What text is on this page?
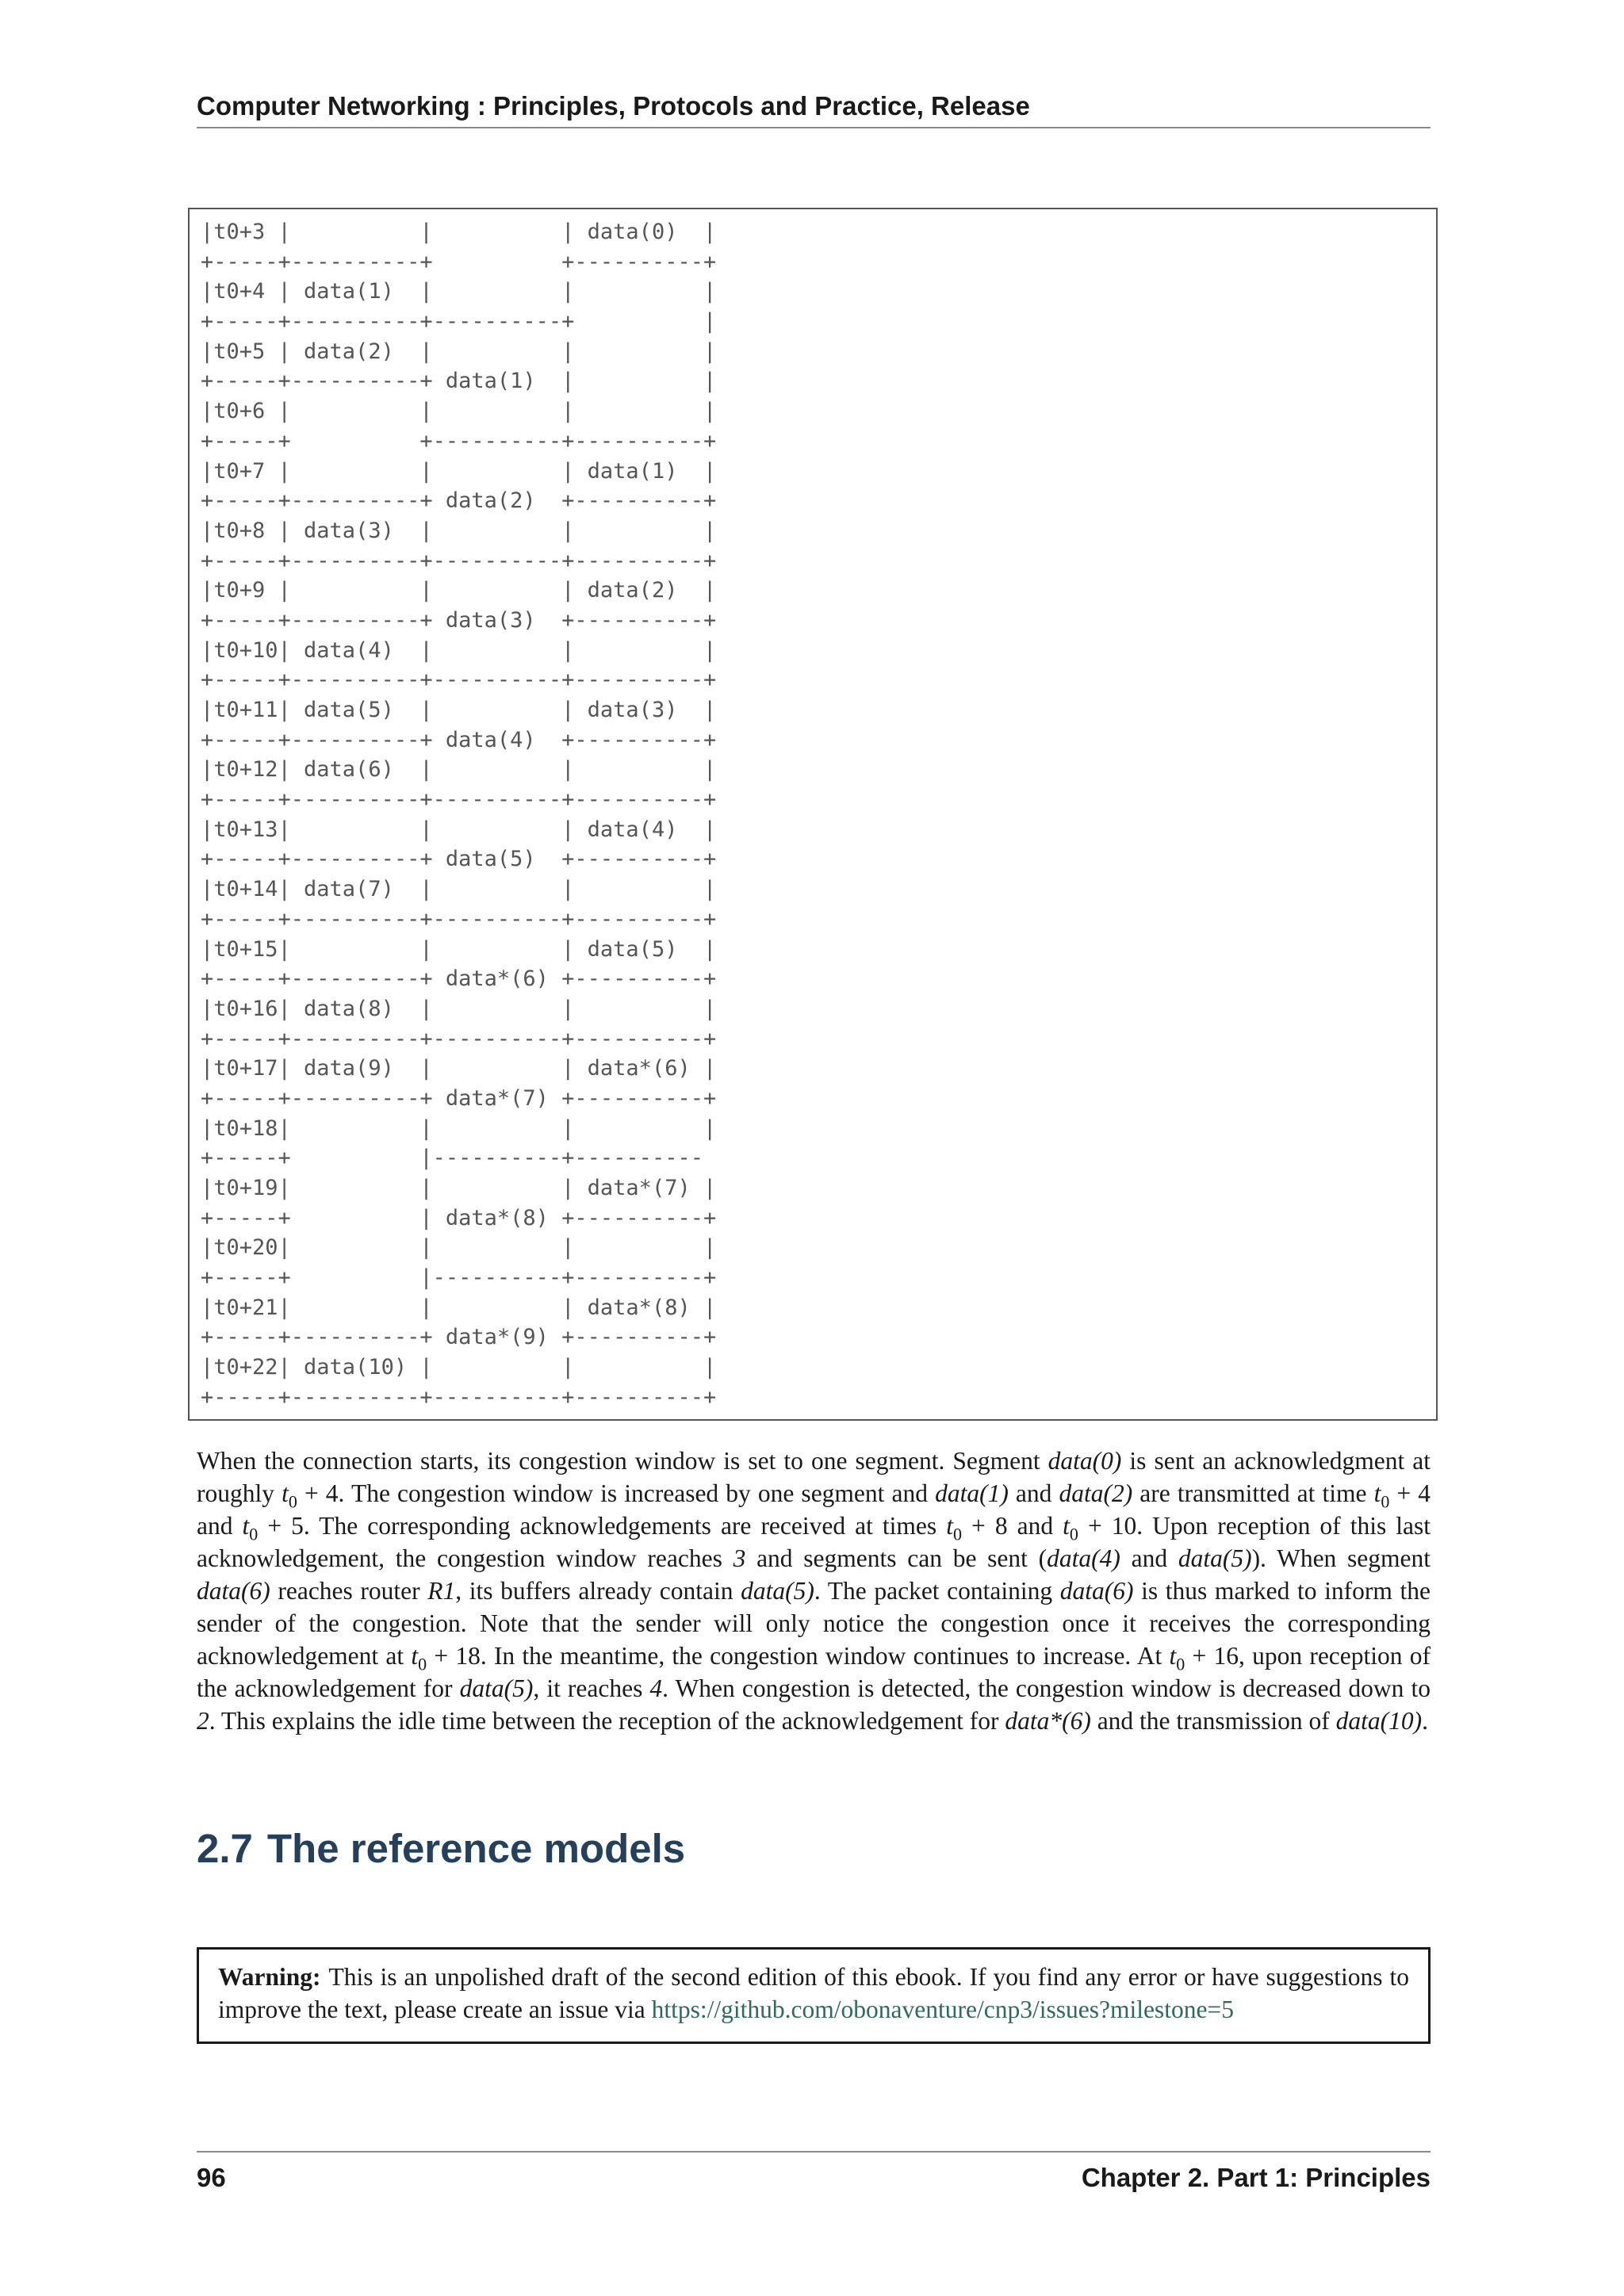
Computer Networking : Principles, Protocols and Practice, Release
|t0+3 |          |          | data(0)  |
+-----+----------+          +----------+
|t0+4 | data(1)  |          |          |
+-----+----------+----------+          |
|t0+5 | data(2)  |          |          |
+-----+----------+ data(1)  |          |
|t0+6 |          |          |          |
+-----+          +----------+----------+
|t0+7 |          |          | data(1)  |
+-----+----------+ data(2)  +----------+
|t0+8 | data(3)  |          |          |
+-----+----------+----------+----------+
|t0+9 |          |          | data(2)  |
+-----+----------+ data(3)  +----------+
|t0+10| data(4)  |          |          |
+-----+----------+----------+----------+
|t0+11| data(5)  |          | data(3)  |
+-----+----------+ data(4)  +----------+
|t0+12| data(6)  |          |          |
+-----+----------+----------+----------+
|t0+13|          |          | data(4)  |
+-----+----------+ data(5)  +----------+
|t0+14| data(7)  |          |          |
+-----+----------+----------+----------+
|t0+15|          |          | data(5)  |
+-----+----------+ data*(6) +----------+
|t0+16| data(8)  |          |          |
+-----+----------+----------+----------+
|t0+17| data(9)  |          | data*(6) |
+-----+----------+ data*(7) +----------+
|t0+18|          |          |          |
+-----+          |----------+----------
|t0+19|          |          | data*(7) |
+-----+          | data*(8) +----------+
|t0+20|          |          |          |
+-----+          |----------+----------+
|t0+21|          |          | data*(8) |
+-----+----------+ data*(9) +----------+
|t0+22| data(10) |          |          |
+-----+----------+----------+----------+

When the connection starts, its congestion window is set to one segment. Segment data(0) is sent an acknowledgment at roughly $t_0 + 4$. The congestion window is increased by one segment and data(1) and data(2) are transmitted at time $t_0 + 4$ and $t_0 + 5$. The corresponding acknowledgements are received at times $t_0 + 8$ and $t_0 + 10$. Upon reception of this last acknowledgement, the congestion window reaches 3 and segments can be sent (data(4) and data(5)). When segment data(6) reaches router R1, its buffers already contain data(5). The packet containing data(6) is thus marked to inform the sender of the congestion. Note that the sender will only notice the congestion once it receives the corresponding acknowledgement at $t_0 + 18$. In the meantime, the congestion window continues to increase. At $t_0 + 16$, upon reception of the acknowledgement for data(5), it reaches 4. When congestion is detected, the congestion window is decreased down to 2. This explains the idle time between the reception of the acknowledgement for data*(6) and the transmission of data(10).

2.7 The reference models
Warning: This is an unpolished draft of the second edition of this ebook. If you find any error or have suggestions to improve the text, please create an issue via https://github.com/obonaventure/cnp3/issues?milestone=5
96	Chapter 2. Part 1: Principles
